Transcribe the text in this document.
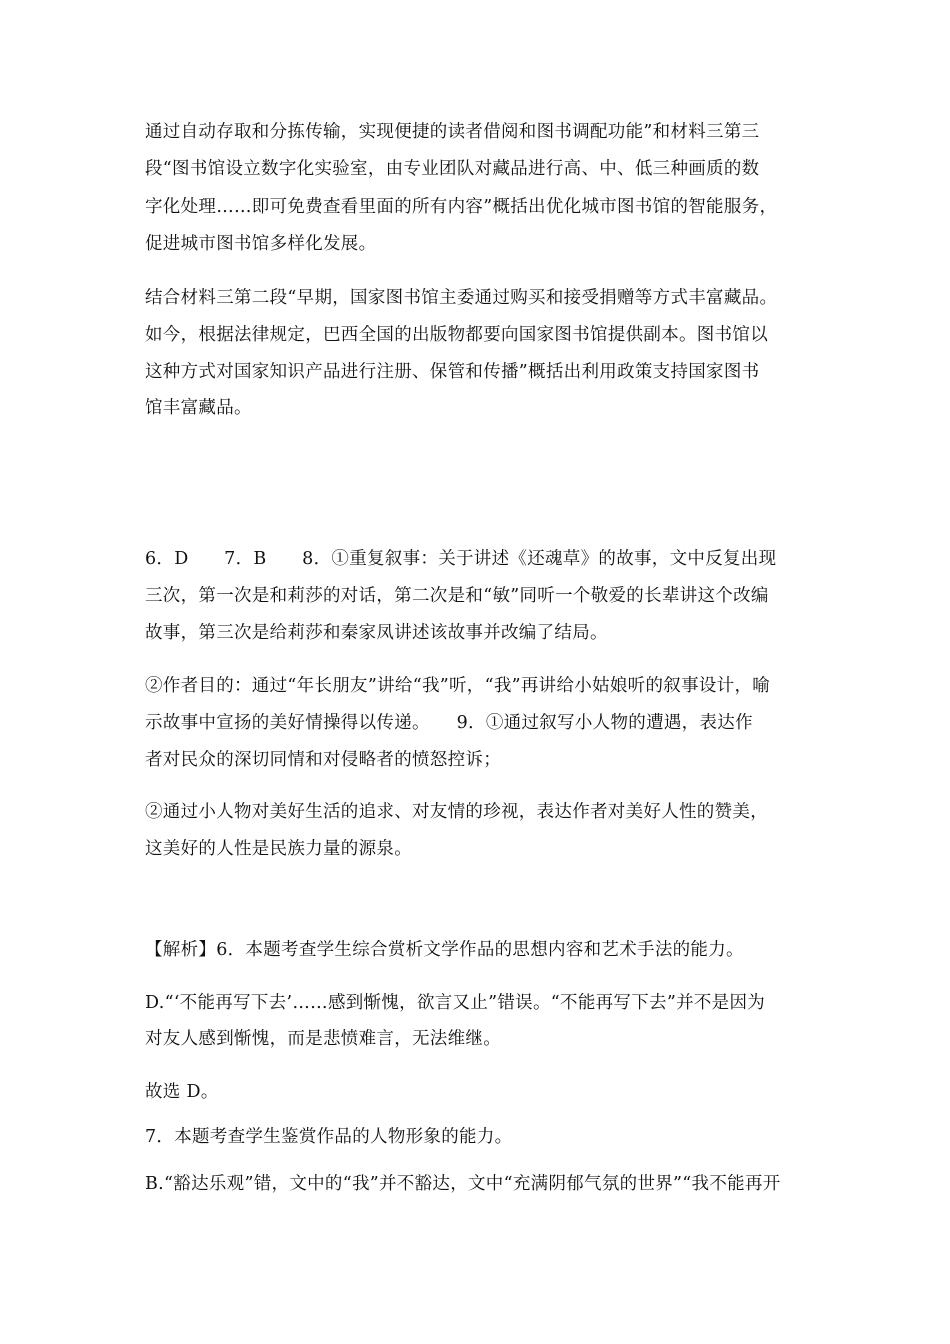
通过自动存取和分拣传输，实现便捷的读者借阅和图书调配功能”和材料三第三
段“图书馆设立数字化实验室，由专业团队对藏品进行高、中、低三种画质的数
字化处理……即可免费查看里面的所有内容”概括出优化城市图书馆的智能服务，
促进城市图书馆多样化发展。
结合材料三第二段“早期，国家图书馆主委通过购买和接受捐赠等方式丰富藏品。
如今，根据法律规定，巴西全国的出版物都要向国家图书馆提供副本。图书馆以
这种方式对国家知识产品进行注册、保管和传播”概括出利用政策支持国家图书
馆丰富藏品。
6．D　　7．B　　8．①重复叙事：关于讲述《还魂草》的故事，文中反复出现
三次，第一次是和莉莎的对话，第二次是和“敏”同听一个敬爱的长辈讲这个改编
故事，第三次是给莉莎和秦家凤讲述该故事并改编了结局。
②作者目的：通过“年长朋友”讲给“我”听，“我”再讲给小姑娘听的叙事设计，喻
示故事中宣扬的美好情操得以传递。　　9．①通过叙写小人物的遭遇，表达作
者对民众的深切同情和对侵略者的愤怒控诉；
②通过小人物对美好生活的追求、对友情的珍视，表达作者对美好人性的赞美，
这美好的人性是民族力量的源泉。
【解析】6．本题考查学生综合赏析文学作品的思想内容和艺术手法的能力。
D.“‘不能再写下去’……感到惭愧，欲言又止”错误。“不能再写下去”并不是因为
对友人感到惭愧，而是悲愤难言，无法维继。
故选 D。
7．本题考查学生鉴赏作品的人物形象的能力。
B.“豁达乐观”错，文中的“我”并不豁达，文中“充满阴郁气氛的世界”“我不能再开
